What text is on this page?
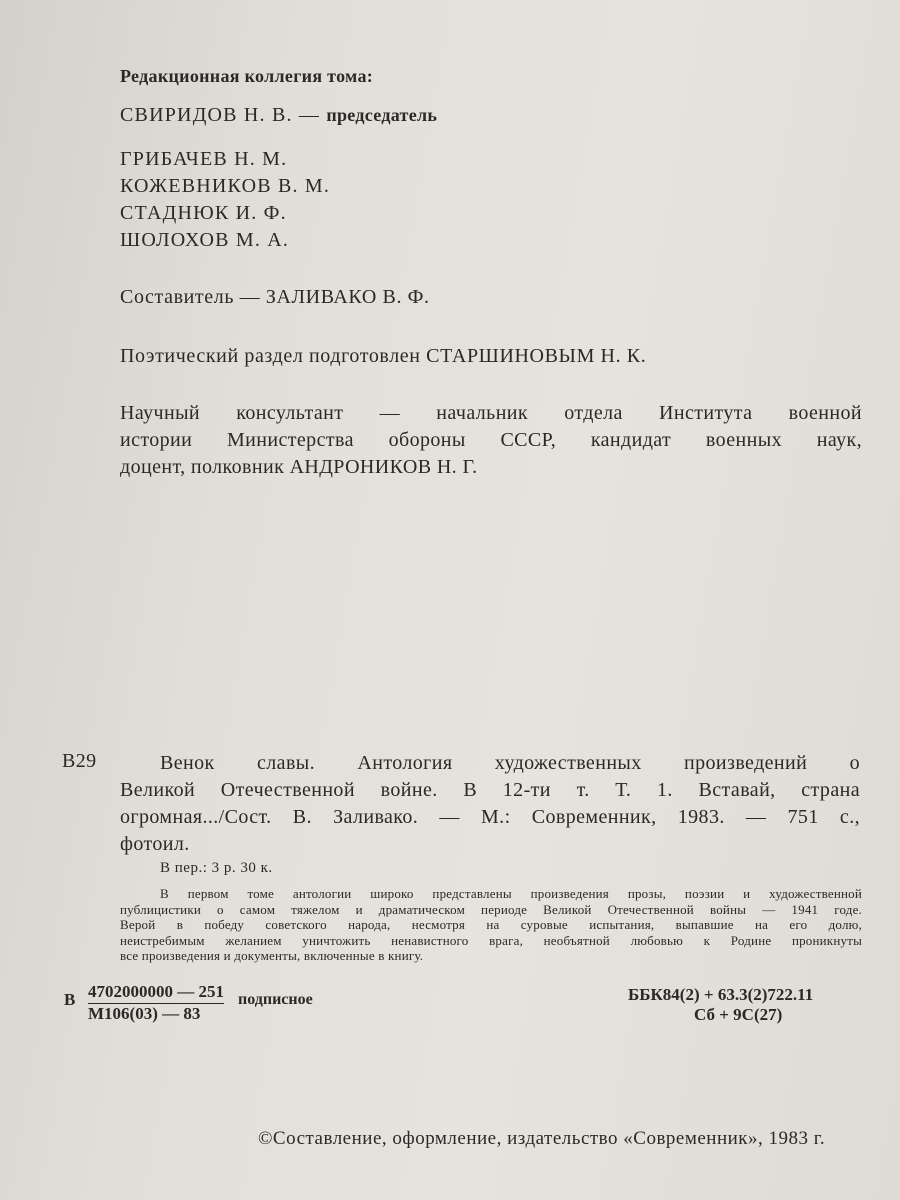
Редакционная коллегия тома:
СВИРИДОВ Н. В. — председатель
ГРИБАЧЕВ Н. М.
КОЖЕВНИКОВ В. М.
СТАДНЮК И. Ф.
ШОЛОХОВ М. А.
Составитель — ЗАЛИВАКО В. Ф.
Поэтический раздел подготовлен СТАРШИНОВЫМ Н. К.
Научный консультант — начальник отдела Института военной
истории Министерства обороны СССР, кандидат военных наук,
доцент, полковник АНДРОНИКОВ Н. Г.
В29	Венок славы. Антология художественных произведений о
Великой Отечественной войне. В 12-ти т. Т. 1. Вставай, страна
огромная.../Сост. В. Заливако. — М.: Современник, 1983. — 751 с.,
фотоил.
В пер.: 3 р. 30 к.
В первом томе антологии широко представлены произведения прозы, поэзии и художественной
публицистики о самом тяжелом и драматическом периоде Великой Отечественной войны — 1941 годе.
Верой в победу советского народа, несмотря на суровые испытания, выпавшие на его долю,
неистребимым желанием уничтожить ненавистного врага, необъятной любовью к Родине проникнуты
все произведения и документы, включенные в книгу.
В 4702000000 — 251
М106(03) — 83
подписное	ББК84(2) + 63.3(2)722.11
Сб + 9С(27)
©Составление, оформление, издательство «Современник», 1983 г.
